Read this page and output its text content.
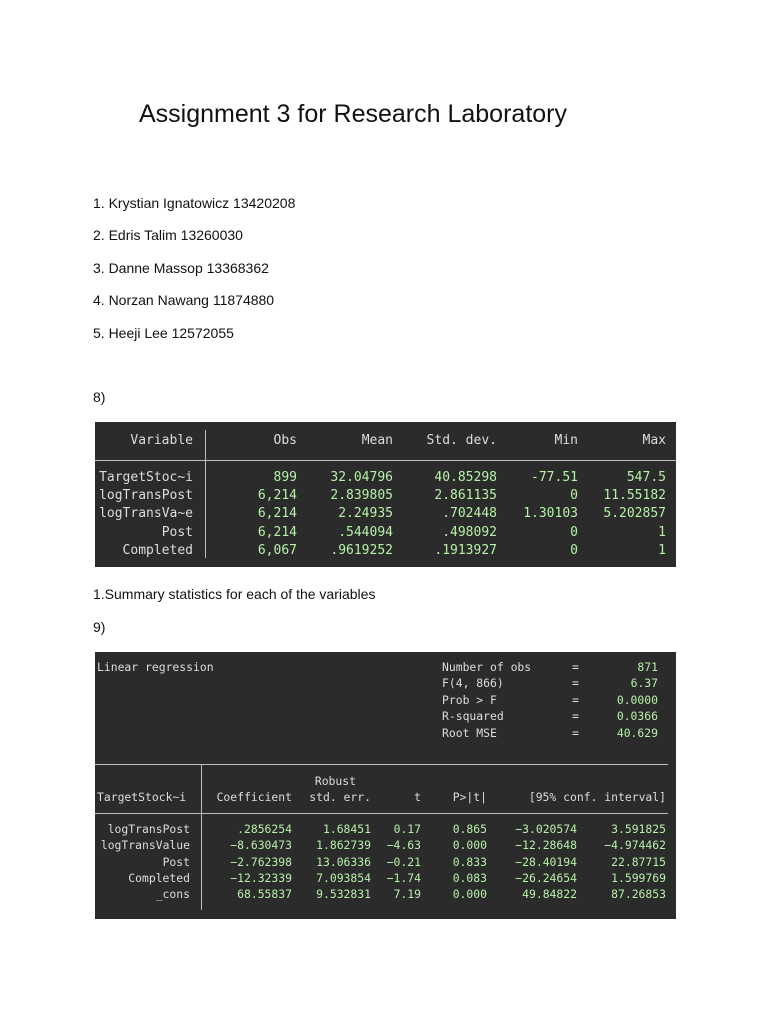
Assignment 3 for Research Laboratory
1. Krystian Ignatowicz 13420208
2. Edris Talim 13260030
3. Danne Massop 13368362
4. Norzan Nawang 11874880
5. Heeji Lee 12572055

8)

Variable	Obs	Mean	Std. dev.	Min	Max
TargetStoc~i	899	32.04796	40.85298	-77.51	547.5
logTransPost	6,214	2.839805	2.861135	0	11.55182
logTransVa~e	6,214	2.24935	.702448	1.30103	5.202857
Post	6,214	.544094	.498092	0	1
Completed	6,067	.9619252	.1913927	0	1

1.Summary statistics for each of the variables

9)

Linear regression	Number of obs	=	871
F(4, 866)	=	6.37
Prob > F	=	0.0000
R-squared	=	0.0366
Root MSE	=	40.629
Robust
TargetStock~i	Coefficient	std. err.	t	P>|t|	[95% conf. interval]
logTransPost	.2856254	1.68451	0.17	0.865	−3.020574	3.591825
logTransValue	−8.630473	1.862739	−4.63	0.000	−12.28648	−4.974462
Post	−2.762398	13.06336	−0.21	0.833	−28.40194	22.87715
Completed	−12.32339	7.093854	−1.74	0.083	−26.24654	1.599769
_cons	68.55837	9.532831	7.19	0.000	49.84822	87.26853
